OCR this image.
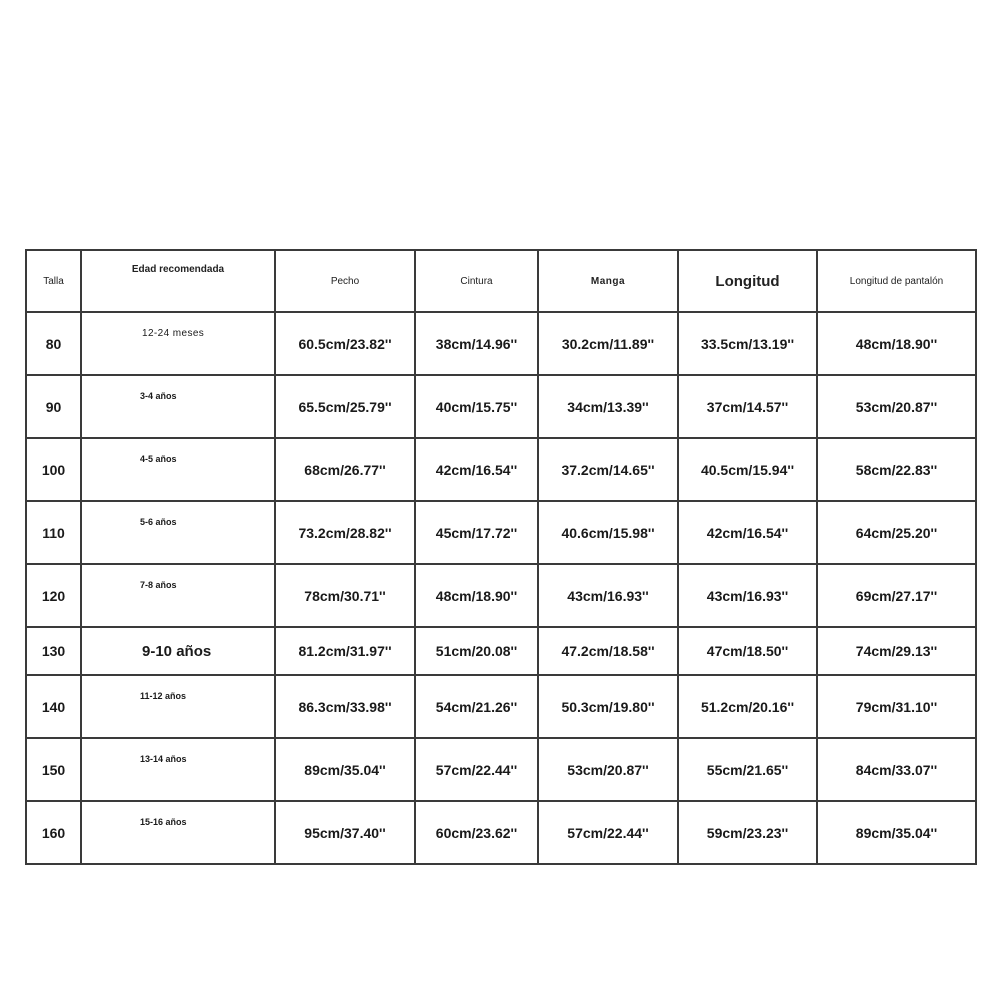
Talla	Edad recomendada	Pecho	Cintura	Manga	Longitud	Longitud de pantalón
80	12-24 meses	60.5cm/23.82''	38cm/14.96''	30.2cm/11.89''	33.5cm/13.19''	48cm/18.90''
90	3-4 años	65.5cm/25.79''	40cm/15.75''	34cm/13.39''	37cm/14.57''	53cm/20.87''
100	4-5 años	68cm/26.77''	42cm/16.54''	37.2cm/14.65''	40.5cm/15.94''	58cm/22.83''
110	5-6 años	73.2cm/28.82''	45cm/17.72''	40.6cm/15.98''	42cm/16.54''	64cm/25.20''
120	7-8 años	78cm/30.71''	48cm/18.90''	43cm/16.93''	43cm/16.93''	69cm/27.17''
130	9-10 años	81.2cm/31.97''	51cm/20.08''	47.2cm/18.58''	47cm/18.50''	74cm/29.13''
140	11-12 años	86.3cm/33.98''	54cm/21.26''	50.3cm/19.80''	51.2cm/20.16''	79cm/31.10''
150	13-14 años	89cm/35.04''	57cm/22.44''	53cm/20.87''	55cm/21.65''	84cm/33.07''
160	15-16 años	95cm/37.40''	60cm/23.62''	57cm/22.44''	59cm/23.23''	89cm/35.04''
